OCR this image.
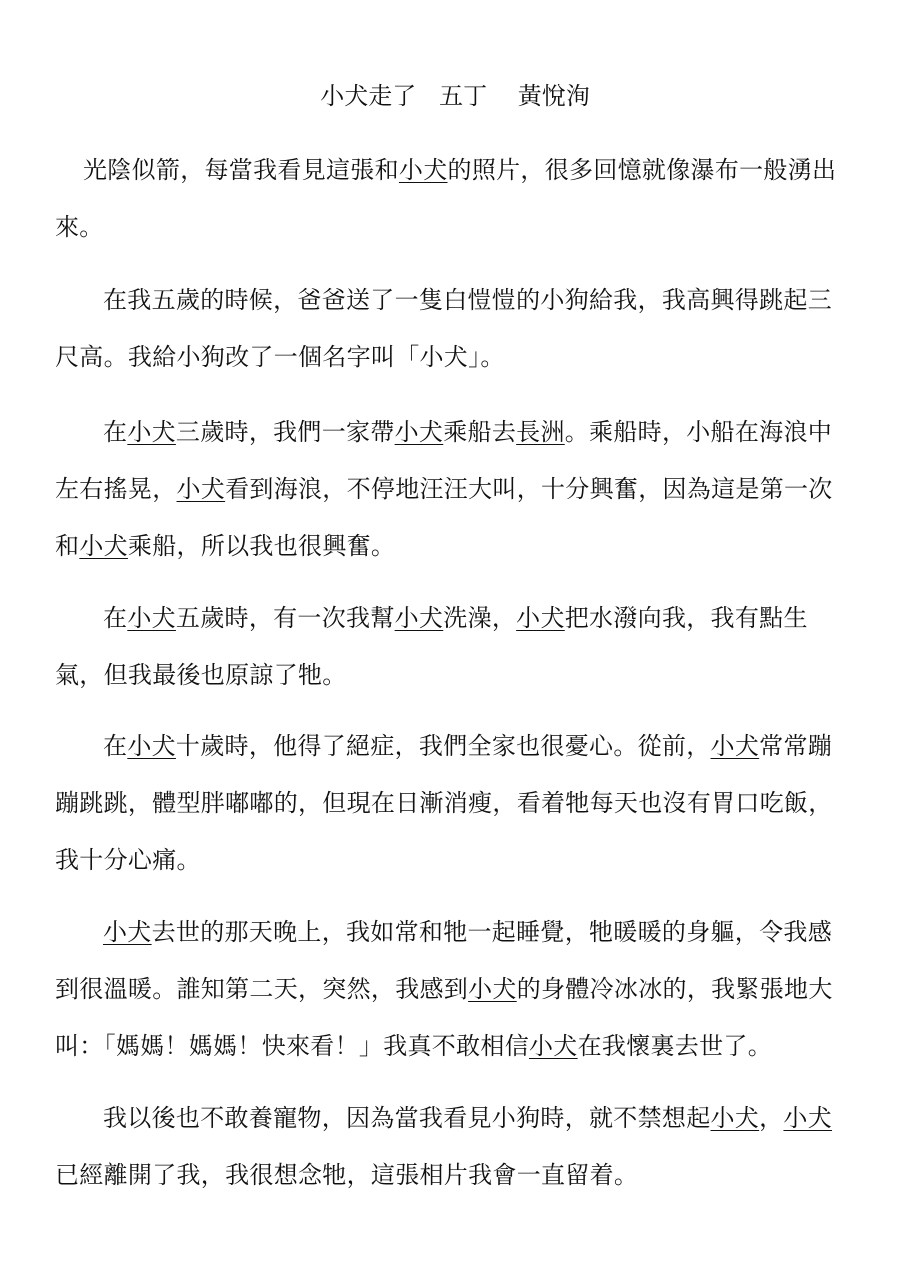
小犬走了   五丁    黃悅洵

光陰似箭，每當我看見這張和小犬的照片，很多回憶就像瀑布一般湧出來。

在我五歲的時候，爸爸送了一隻白愷愷的小狗給我，我高興得跳起三尺高。我給小狗改了一個名字叫「小犬」。

在小犬三歲時，我們一家帶小犬乘船去長洲。乘船時，小船在海浪中左右搖晃，小犬看到海浪，不停地汪汪大叫，十分興奮，因為這是第一次和小犬乘船，所以我也很興奮。

在小犬五歲時，有一次我幫小犬洗澡，小犬把水潑向我，我有點生氣，但我最後也原諒了牠。

在小犬十歲時，他得了絕症，我們全家也很憂心。從前，小犬常常蹦蹦跳跳，體型胖嘟嘟的，但現在日漸消瘦，看着牠每天也沒有胃口吃飯，我十分心痛。

小犬去世的那天晚上，我如常和牠一起睡覺，牠暖暖的身軀，令我感到很溫暖。誰知第二天，突然，我感到小犬的身體冷冰冰的，我緊張地大叫：「媽媽！媽媽！快來看！」我真不敢相信小犬在我懷裏去世了。

我以後也不敢養寵物，因為當我看見小狗時，就不禁想起小犬，小犬已經離開了我，我很想念牠，這張相片我會一直留着。
